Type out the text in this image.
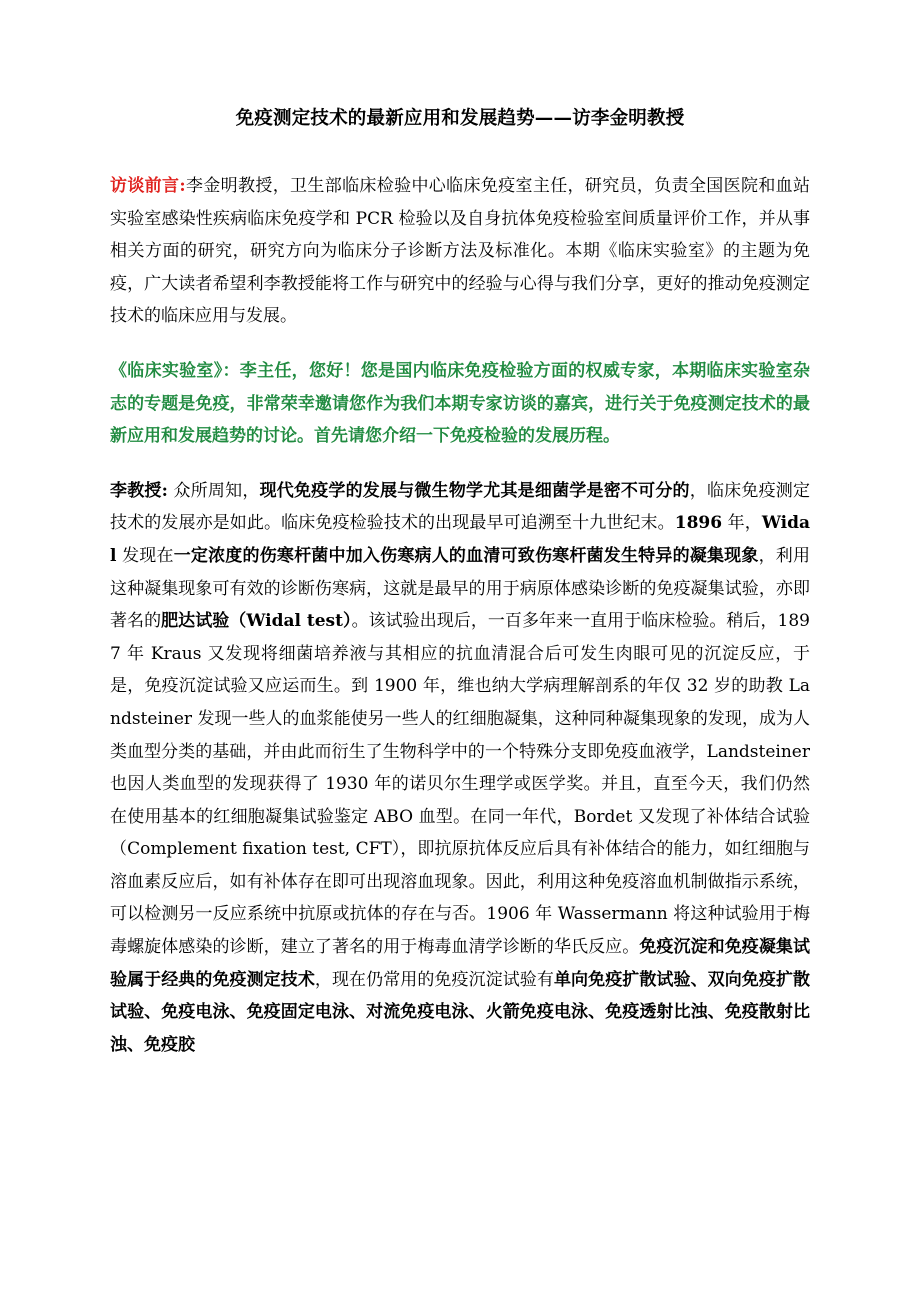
免疫测定技术的最新应用和发展趋势——访李金明教授

访谈前言:李金明教授，卫生部临床检验中心临床免疫室主任，研究员，负责全国医院和血站实验室感染性疾病临床免疫学和 PCR 检验以及自身抗体免疫检验室间质量评价工作，并从事相关方面的研究，研究方向为临床分子诊断方法及标准化。本期《临床实验室》的主题为免疫，广大读者希望利李教授能将工作与研究中的经验与心得与我们分享，更好的推动免疫测定技术的临床应用与发展。

《临床实验室》：李主任，您好！您是国内临床免疫检验方面的权威专家，本期临床实验室杂志的专题是免疫，非常荣幸邀请您作为我们本期专家访谈的嘉宾，进行关于免疫测定技术的最新应用和发展趋势的讨论。首先请您介绍一下免疫检验的发展历程。

李教授: 众所周知，现代免疫学的发展与微生物学尤其是细菌学是密不可分的，临床免疫测定技术的发展亦是如此。临床免疫检验技术的出现最早可追溯至十九世纪末。1896 年，Widal 发现在一定浓度的伤寒杆菌中加入伤寒病人的血清可致伤寒杆菌发生特异的凝集现象，利用这种凝集现象可有效的诊断伤寒病，这就是最早的用于病原体感染诊断的免疫凝集试验，亦即著名的肥达试验（Widal test）。该试验出现后，一百多年来一直用于临床检验。稍后，1897 年 Kraus 又发现将细菌培养液与其相应的抗血清混合后可发生肉眼可见的沉淀反应，于是，免疫沉淀试验又应运而生。到 1900 年，维也纳大学病理解剖系的年仅 32 岁的助教 Landsteiner 发现一些人的血浆能使另一些人的红细胞凝集，这种同种凝集现象的发现，成为人类血型分类的基础，并由此而衍生了生物科学中的一个特殊分支即免疫血液学，Landsteiner 也因人类血型的发现获得了 1930 年的诺贝尔生理学或医学奖。并且，直至今天，我们仍然在使用基本的红细胞凝集试验鉴定 ABO 血型。在同一年代，Bordet 又发现了补体结合试验（Complement fixation test, CFT），即抗原抗体反应后具有补体结合的能力，如红细胞与溶血素反应后，如有补体存在即可出现溶血现象。因此，利用这种免疫溶血机制做指示系统，可以检测另一反应系统中抗原或抗体的存在与否。1906 年 Wassermann 将这种试验用于梅毒螺旋体感染的诊断，建立了著名的用于梅毒血清学诊断的华氏反应。免疫沉淀和免疫凝集试验属于经典的免疫测定技术，现在仍常用的免疫沉淀试验有单向免疫扩散试验、双向免疫扩散试验、免疫电泳、免疫固定电泳、对流免疫电泳、火箭免疫电泳、免疫透射比浊、免疫散射比浊、免疫胶
